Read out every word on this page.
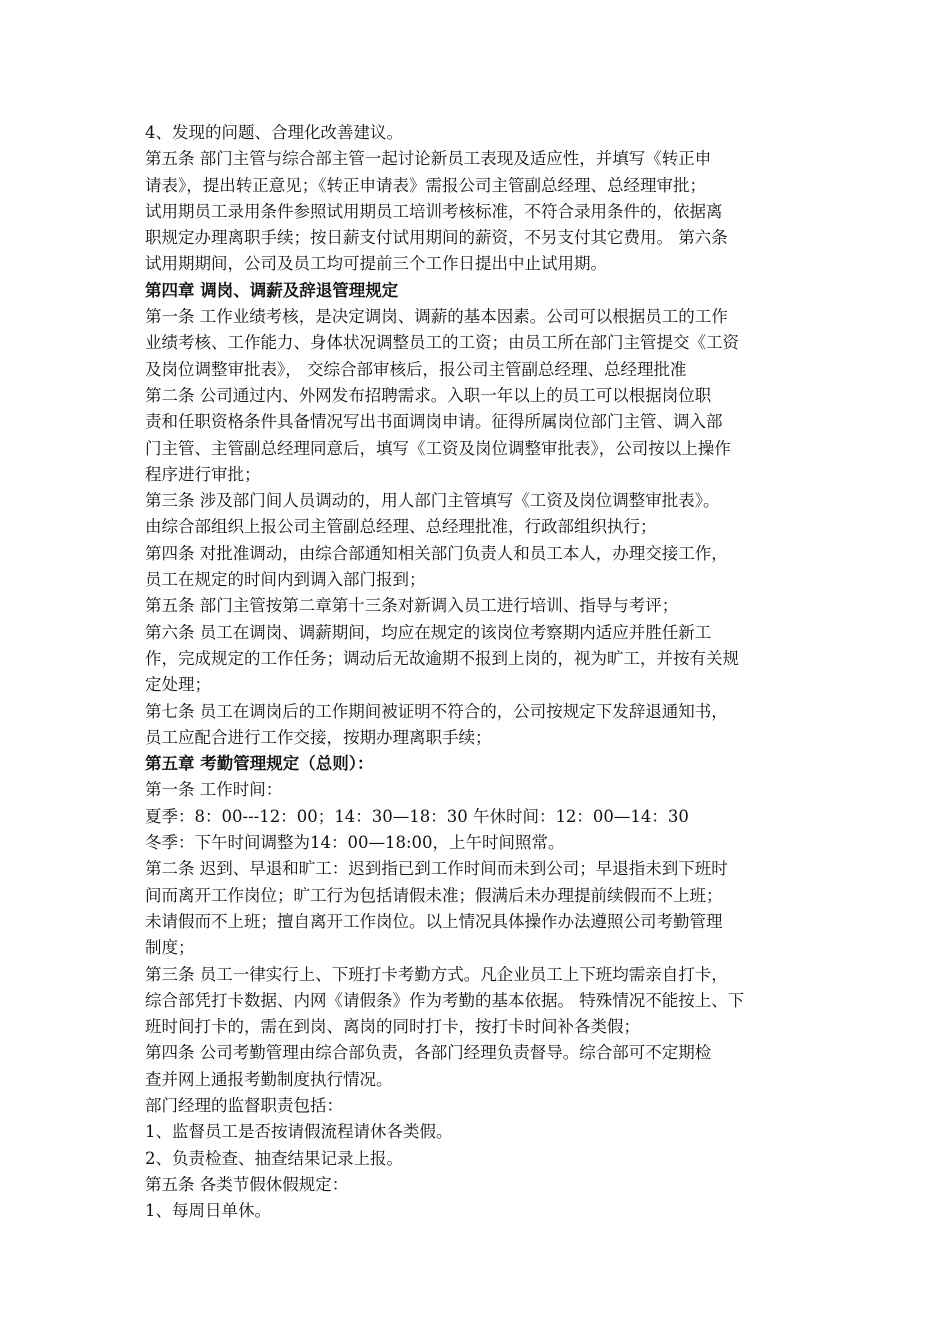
4、发现的问题、合理化改善建议。
第五条 部门主管与综合部主管一起讨论新员工表现及适应性，并填写《转正申
请表》，提出转正意见；《转正申请表》需报公司主管副总经理、总经理审批；
试用期员工录用条件参照试用期员工培训考核标准，不符合录用条件的，依据离
职规定办理离职手续；按日薪支付试用期间的薪资，不另支付其它费用。 第六条
试用期期间，公司及员工均可提前三个工作日提出中止试用期。
第四章 调岗、调薪及辞退管理规定
第一条 工作业绩考核，是决定调岗、调薪的基本因素。公司可以根据员工的工作
业绩考核、工作能力、身体状况调整员工的工资；由员工所在部门主管提交《工资
及岗位调整审批表》， 交综合部审核后，报公司主管副总经理、总经理批准
第二条 公司通过内、外网发布招聘需求。入职一年以上的员工可以根据岗位职
责和任职资格条件具备情况写出书面调岗申请。征得所属岗位部门主管、调入部
门主管、主管副总经理同意后，填写《工资及岗位调整审批表》，公司按以上操作
程序进行审批；
第三条 涉及部门间人员调动的，用人部门主管填写《工资及岗位调整审批表》。
由综合部组织上报公司主管副总经理、总经理批准，行政部组织执行；
第四条 对批准调动，由综合部通知相关部门负责人和员工本人，办理交接工作，
员工在规定的时间内到调入部门报到；
第五条 部门主管按第二章第十三条对新调入员工进行培训、指导与考评；
第六条 员工在调岗、调薪期间，均应在规定的该岗位考察期内适应并胜任新工
作，完成规定的工作任务；调动后无故逾期不报到上岗的，视为旷工，并按有关规
定处理；
第七条 员工在调岗后的工作期间被证明不符合的，公司按规定下发辞退通知书，
员工应配合进行工作交接，按期办理离职手续；
第五章 考勤管理规定（总则）：
第一条 工作时间：
夏季：8：00---12：00；14：30—18：30 午休时间：12：00—14：30
冬季：下午时间调整为14：00—18:00，上午时间照常。
第二条 迟到、早退和旷工：迟到指已到工作时间而未到公司；早退指未到下班时
间而离开工作岗位；旷工行为包括请假未准；假满后未办理提前续假而不上班；
未请假而不上班；擅自离开工作岗位。以上情况具体操作办法遵照公司考勤管理
制度；
第三条 员工一律实行上、下班打卡考勤方式。凡企业员工上下班均需亲自打卡，
综合部凭打卡数据、内网《请假条》作为考勤的基本依据。 特殊情况不能按上、下
班时间打卡的，需在到岗、离岗的同时打卡，按打卡时间补各类假；
第四条 公司考勤管理由综合部负责，各部门经理负责督导。综合部可不定期检
查并网上通报考勤制度执行情况。
部门经理的监督职责包括：
1、监督员工是否按请假流程请休各类假。
2、负责检查、抽查结果记录上报。
第五条 各类节假休假规定：
1、每周日单休。
